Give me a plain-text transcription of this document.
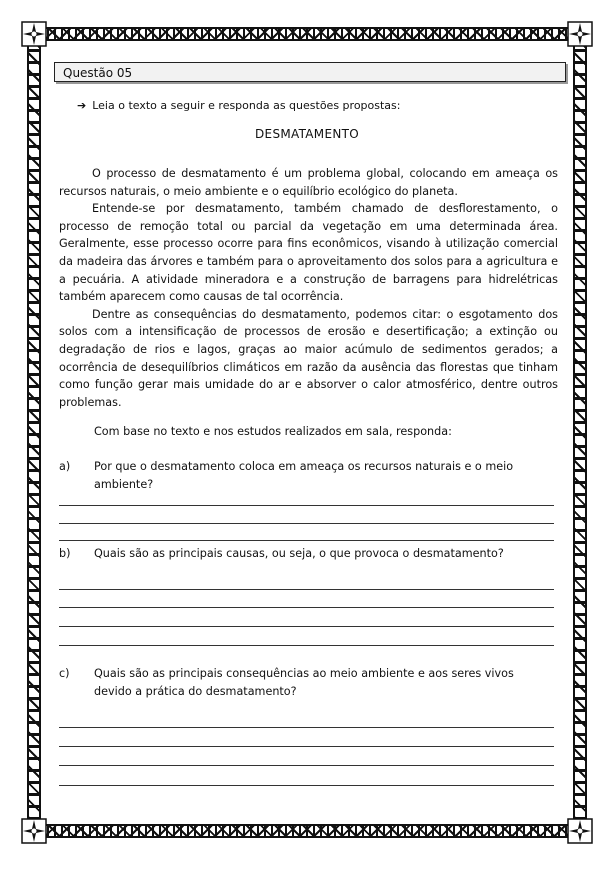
Questão 05
➔ Leia o texto a seguir e responda as questões propostas:
DESMATAMENTO

O processo de desmatamento é um problema global, colocando em ameaça os recursos naturais, o meio ambiente e o equilíbrio ecológico do planeta.

Entende-se por desmatamento, também chamado de desflorestamento, o processo de remoção total ou parcial da vegetação em uma determinada área. Geralmente, esse processo ocorre para fins econômicos, visando à utilização comercial da madeira das árvores e também para o aproveitamento dos solos para a agricultura e a pecuária. A atividade mineradora e a construção de barragens para hidrelétricas também aparecem como causas de tal ocorrência.

Dentre as consequências do desmatamento, podemos citar: o esgotamento dos solos com a intensificação de processos de erosão e desertificação; a extinção ou degradação de rios e lagos, graças ao maior acúmulo de sedimentos gerados; a ocorrência de desequilíbrios climáticos em razão da ausência das florestas que tinham como função gerar mais umidade do ar e absorver o calor atmosférico, dentre outros problemas.

Com base no texto e nos estudos realizados em sala, responda:
a) Por que o desmatamento coloca em ameaça os recursos naturais e o meio ambiente?
b) Quais são as principais causas, ou seja, o que provoca o desmatamento?
c) Quais são as principais consequências ao meio ambiente e aos seres vivos devido a prática do desmatamento?
